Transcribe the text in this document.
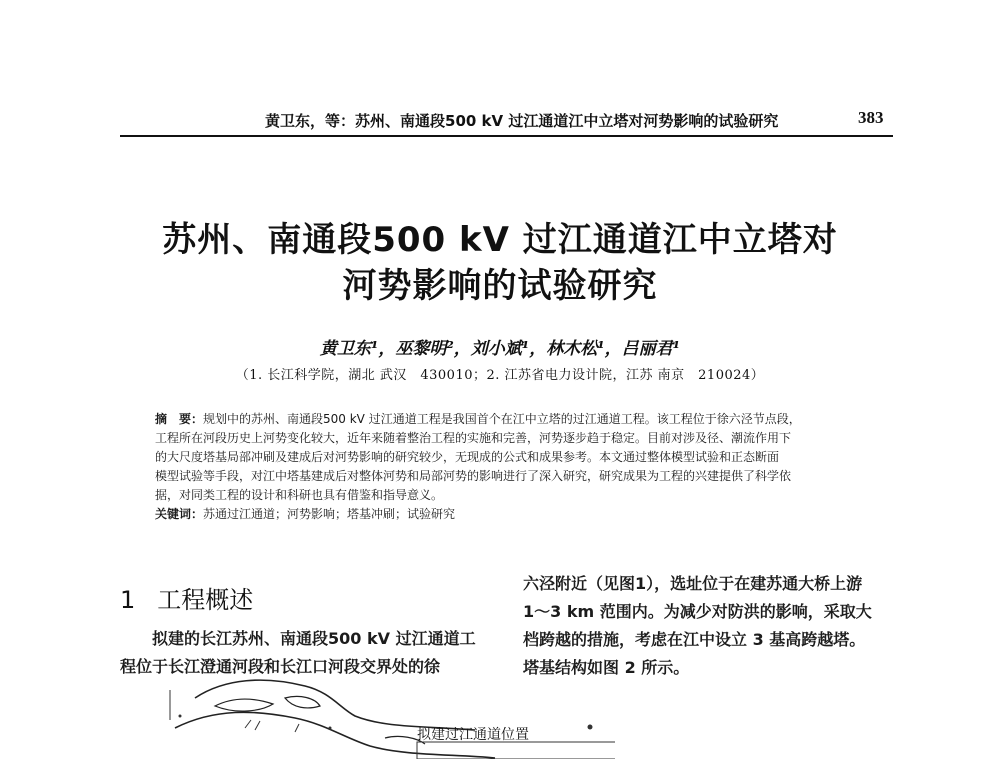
黄卫东，等：苏州、南通段500 kV 过江通道江中立塔对河势影响的试验研究	383
苏州、南通段500 kV 过江通道江中立塔对
河势影响的试验研究
黄卫东¹，巫黎明²，刘小斌¹，林木松¹，吕丽君¹
（1. 长江科学院，湖北 武汉　430010；2. 江苏省电力设计院，江苏 南京　210024）
摘　要：规划中的苏州、南通段500 kV 过江通道工程是我国首个在江中立塔的过江通道工程。该工程位于徐六泾节点段，
工程所在河段历史上河势变化较大，近年来随着整治工程的实施和完善，河势逐步趋于稳定。目前对涉及径、潮流作用下
的大尺度塔基局部冲刷及建成后对河势影响的研究较少，无现成的公式和成果参考。本文通过整体模型试验和正态断面
模型试验等手段，对江中塔基建成后对整体河势和局部河势的影响进行了深入研究，研究成果为工程的兴建提供了科学依
据，对同类工程的设计和科研也具有借鉴和指导意义。
关键词：苏通过江通道；河势影响；塔基冲刷；试验研究
1 工程概述
拟建的长江苏州、南通段500 kV 过江通道工
程位于长江澄通河段和长江口河段交界处的徐
六泾附近（见图1），选址位于在建苏通大桥上游
1～3 km 范围内。为减少对防洪的影响，采取大
档跨越的措施，考虑在江中设立 3 基高跨越塔。
塔基结构如图 2 所示。
拟建过江通道位置
